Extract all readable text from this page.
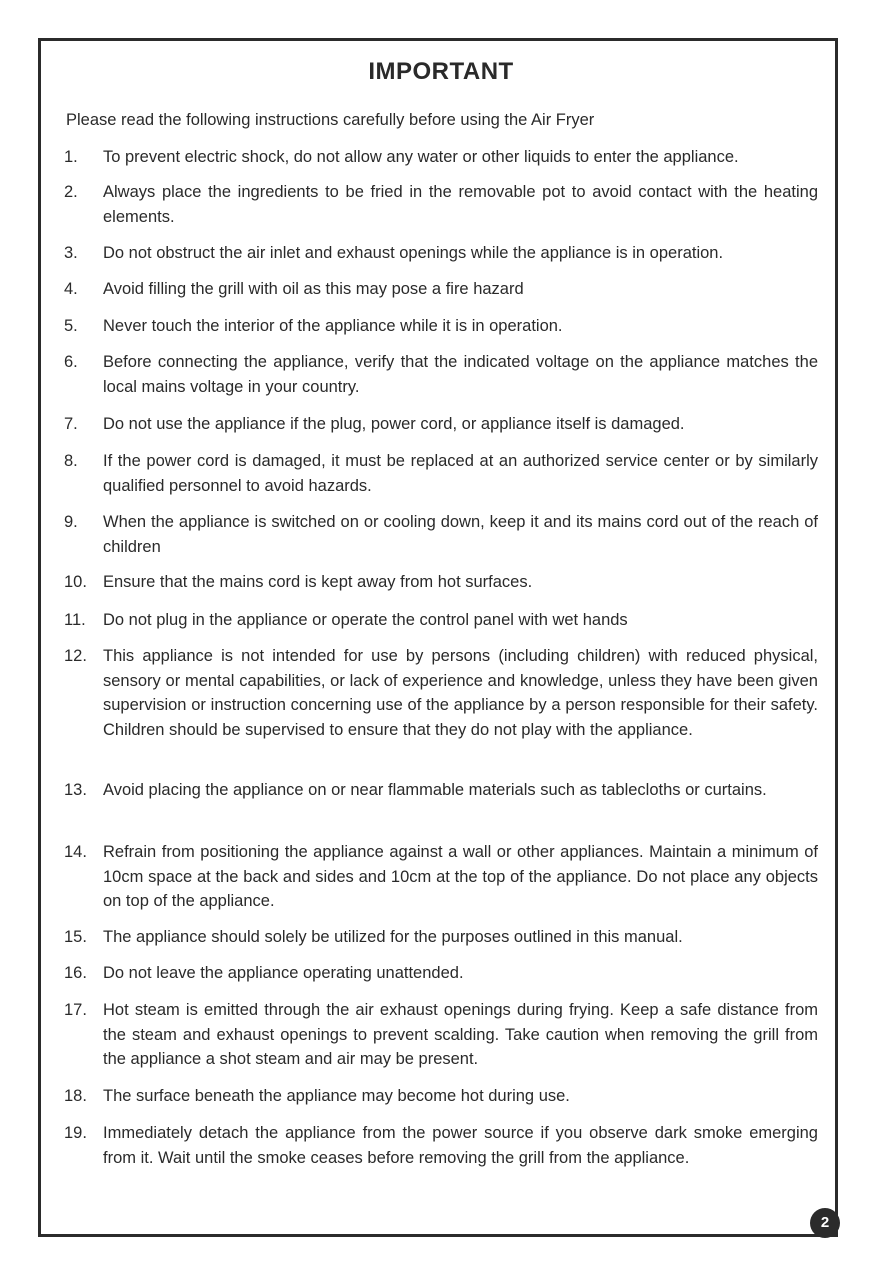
IMPORTANT
Please read the following instructions carefully before using the Air Fryer
1.	To prevent electric shock, do not allow any water or other liquids to enter the appliance.
2.	Always place the ingredients to be fried in the removable pot to avoid contact with the heating elements.
3.	Do not obstruct the air inlet and exhaust openings while the appliance is in operation.
4.	Avoid filling the grill with oil as this may pose a fire hazard
5.	Never touch the interior of the appliance while it is in operation.
6.	Before connecting the appliance, verify that the indicated voltage on the appliance matches the local mains voltage in your country.
7.	Do not use the appliance if the plug, power cord, or appliance itself is damaged.
8.	If the power cord is damaged, it must be replaced at an authorized service center or by similarly qualified personnel to avoid hazards.
9.	When the appliance is switched on or cooling down, keep it and its mains cord out of the reach of children
10. Ensure that the mains cord is kept away from hot surfaces.
11.	Do not plug in the appliance or operate the control panel with wet hands
12. This appliance is not intended for use by persons (including children) with reduced physical, sensory or mental capabilities, or lack of experience and knowledge, unless they have been given supervision or instruction concerning use of the appliance by a person responsible for their safety. Children should be supervised to ensure that they do not play with the appliance.
13. Avoid placing the appliance on or near flammable materials such as tablecloths or curtains.
14. Refrain from positioning the appliance against a wall or other appliances. Maintain a minimum of 10cm space at the back and sides and 10cm at the top of the appliance. Do not place any objects on top of the appliance.
15. The appliance should solely be utilized for the purposes outlined in this manual.
16. Do not leave the appliance operating unattended.
17. Hot steam is emitted through the air exhaust openings during frying. Keep a safe distance from the steam and exhaust openings to prevent scalding. Take caution when removing the grill from the appliance a shot steam and air may be present.
18. The surface beneath the appliance may become hot during use.
19. Immediately detach the appliance from the power source if you observe dark smoke emerging from it. Wait until the smoke ceases before removing the grill from the appliance.
2
